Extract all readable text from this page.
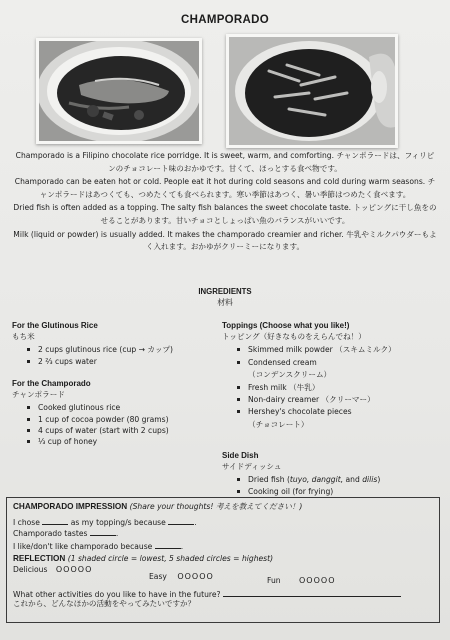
CHAMPORADO

Champorado is a Filipino chocolate rice porridge. It is sweet, warm, and comforting. チャンポラードは、フィリピンのチョコレート味のおかゆです。甘くて、ほっとする食べ物です。

Champorado can be eaten hot or cold. People eat it hot during cold seasons and cold during warm seasons. チャンポラードはあつくても、つめたくても食べられます。寒い季節はあつく、暑い季節はつめたく食べます。

Dried fish is often added as a topping. The salty fish balances the sweet chocolate taste. トッピングに干し魚をのせることがあります。甘いチョコとしょっぱい魚のバランスがいいです。

Milk (liquid or powder) is usually added. It makes the champorado creamier and richer. 牛乳やミルクパウダーもよく入れます。おかゆがクリーミーになります。

INGREDIENTS
材料
For the Glutinous Rice
もち米
2 cups glutinous rice (cup → カップ)
2 ⅔ cups water
For the Champorado
チャンポラード
Cooked glutinous rice
1 cup of cocoa powder (80 grams)
4 cups of water (start with 2 cups)
⅓ cup of honey
Toppings (Choose what you like!)
トッピング（好きなものをえらんでね！）
Skimmed milk powder （スキムミルク）
Condensed cream
（コンデンスクリーム）
Fresh milk （牛乳）
Non-dairy creamer （クリーマー）
Hershey's chocolate pieces
（チョコレート）
Side Dish
サイドディッシュ
Dried fish (tuyo, danggit, and dilis)
Cooking oil (for frying)
CHAMPORADO IMPRESSION (Share your thoughts! 考えを教えてください！)
I chose	as my topping/s because	.
Champorado tastes	.
I like/don't like champorado because	.
REFLECTION (1 shaded circle = lowest, 5 shaded circles = highest)
Delicious OOOOO
Easy OOOOO	Fun OOOOO
What other activities do you like to have in the future?
これから、どんなほかの活動をやってみたいですか？
